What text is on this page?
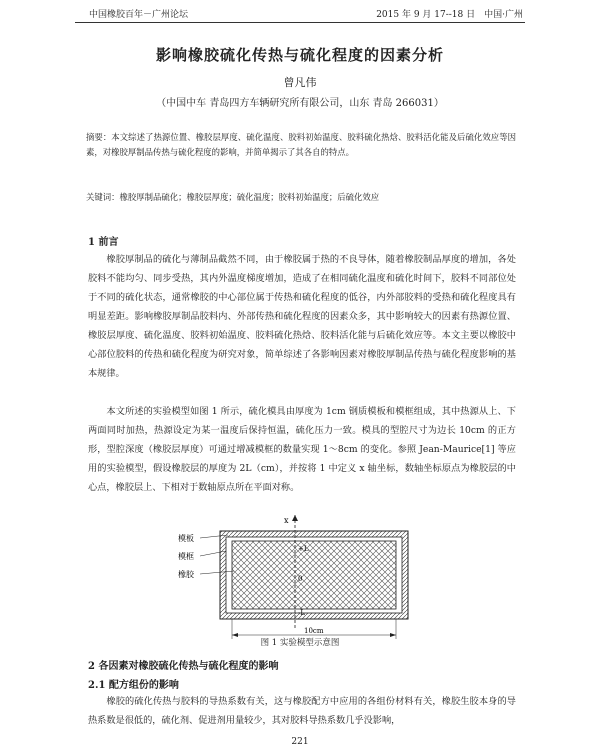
中国橡胶百年－广州论坛	2015 年 9 月 17--18 日　中国·广州
影响橡胶硫化传热与硫化程度的因素分析
曾凡伟
（中国中车 青岛四方车辆研究所有限公司，山东 青岛 266031）
摘要：本文综述了热源位置、橡胶层厚度、硫化温度、胶料初始温度、胶料硫化热焓、胶料活化能及后硫化效应等因素，对橡胶厚制品传热与硫化程度的影响，并简单揭示了其各自的特点。
关键词：橡胶厚制品硫化；橡胶层厚度；硫化温度；胶料初始温度；后硫化效应
1 前言
橡胶厚制品的硫化与薄制品截然不同，由于橡胶属于热的不良导体，随着橡胶制品厚度的增加，各处胶料不能均匀、同步受热，其内外温度梯度增加，造成了在相同硫化温度和硫化时间下，胶料不同部位处于不同的硫化状态，通常橡胶的中心部位属于传热和硫化程度的低谷，内外部胶料的受热和硫化程度具有明显差距。影响橡胶厚制品胶料内、外部传热和硫化程度的因素众多，其中影响较大的因素有热源位置、橡胶层厚度、硫化温度、胶料初始温度、胶料硫化热焓、胶料活化能与后硫化效应等。本文主要以橡胶中心部位胶料的传热和硫化程度为研究对象，简单综述了各影响因素对橡胶厚制品传热与硫化程度影响的基本规律。
本文所述的实验模型如图 1 所示，硫化模具由厚度为 1cm 钢质模板和模框组成，其中热源从上、下两面同时加热，热源设定为某一温度后保持恒温，硫化压力一致。模具的型腔尺寸为边长 10cm 的正方形，型腔深度（橡胶层厚度）可通过增减模框的数量实现 1～8cm 的变化。参照 Jean-Maurice[1] 等应用的实验模型，假设橡胶层的厚度为 2L（cm），并按将 1 中定义 x 轴坐标，数轴坐标原点为橡胶层的中心点，橡胶层上、下相对于数轴原点所在平面对称。
x
+L
0
-L
模板
模框
橡胶
10cm
图 1 实验模型示意图
2 各因素对橡胶硫化传热与硫化程度的影响
2.1 配方组份的影响
橡胶的硫化传热与胶料的导热系数有关，这与橡胶配方中应用的各组份材料有关，橡胶生胶本身的导热系数是很低的，硫化剂、促进剂用量较少，其对胶料导热系数几乎没影响，
221
